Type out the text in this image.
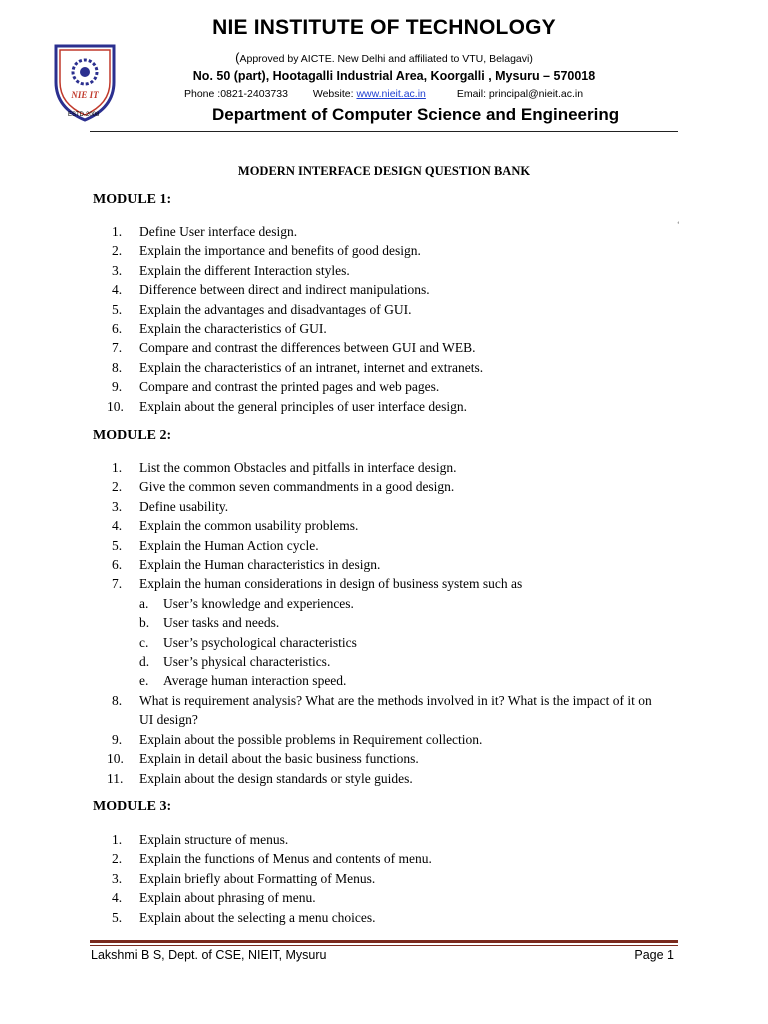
NIE IT
ESTD-2008
NIE INSTITUTE OF TECHNOLOGY
(Approved by AICTE. New Delhi and affiliated to VTU, Belagavi)
No. 50 (part), Hootagalli Industrial Area, Koorgalli , Mysuru – 570018
Phone :0821-2403733 Website: www.nieit.ac.in	Email: principal@nieit.ac.in
Department of Computer Science and Engineering
‘
MODERN INTERFACE DESIGN QUESTION BANK
MODULE 1:
1.	Define User interface design.
2.	Explain the importance and benefits of good design.
3.	Explain the different Interaction styles.
4.	Difference between direct and indirect manipulations.
5.	Explain the advantages and disadvantages of GUI.
6.	Explain the characteristics of GUI.
7.	Compare and contrast the differences between GUI and WEB.
8.	Explain the characteristics of an intranet, internet and extranets.
9.	Compare and contrast the printed pages and web pages.
10.	Explain about the general principles of user interface design.
MODULE 2:
1.	List the common Obstacles and pitfalls in interface design.
2.	Give the common seven commandments in a good design.
3.	Define usability.
4.	Explain the common usability problems.
5.	Explain the Human Action cycle.
6.	Explain the Human characteristics in design.
7.	Explain the human considerations in design of business system such as
a.	User’s knowledge and experiences.
b.	User tasks and needs.
c.	User’s psychological characteristics
d.	User’s physical characteristics.
e.	Average human interaction speed.
8.	What is requirement analysis? What are the methods involved in it? What is the impact of it on UI design?
9.	Explain about the possible problems in Requirement collection.
10.	Explain in detail about the basic business functions.
11.	Explain about the design standards or style guides.
MODULE 3:
1.	Explain structure of menus.
2.	Explain the functions of Menus and contents of menu.
3.	Explain briefly about Formatting of Menus.
4.	Explain about phrasing of menu.
5.	Explain about the selecting a menu choices.
Lakshmi B S, Dept. of CSE, NIEIT, Mysuru	Page 1
